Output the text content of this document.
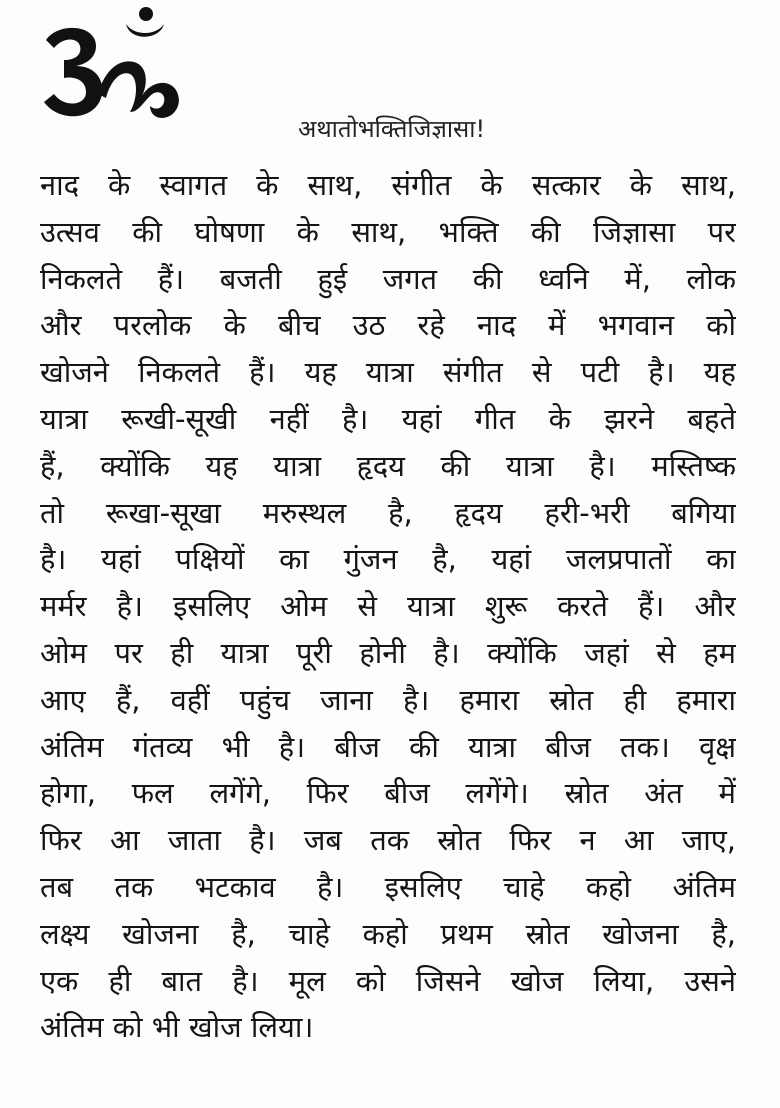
अथातोभक्तिजिज्ञासा!
नाद के स्वागत के साथ, संगीत के सत्कार के साथ,
उत्सव की घोषणा के साथ, भक्ति की जिज्ञासा पर
निकलते हैं। बजती हुई जगत की ध्वनि में, लोक
और परलोक के बीच उठ रहे नाद में भगवान को
खोजने निकलते हैं। यह यात्रा संगीत से पटी है। यह
यात्रा रूखी-सूखी नहीं है। यहां गीत के झरने बहते
हैं, क्योंकि यह यात्रा हृदय की यात्रा है। मस्तिष्क
तो रूखा-सूखा मरुस्थल है, हृदय हरी-भरी बगिया
है। यहां पक्षियों का गुंजन है, यहां जलप्रपातों का
मर्मर है। इसलिए ओम से यात्रा शुरू करते हैं। और
ओम पर ही यात्रा पूरी होनी है। क्योंकि जहां से हम
आए हैं, वहीं पहुंच जाना है। हमारा स्रोत ही हमारा
अंतिम गंतव्य भी है। बीज की यात्रा बीज तक। वृक्ष
होगा, फल लगेंगे, फिर बीज लगेंगे। स्रोत अंत में
फिर आ जाता है। जब तक स्रोत फिर न आ जाए,
तब तक भटकाव है। इसलिए चाहे कहो अंतिम
लक्ष्य खोजना है, चाहे कहो प्रथम स्रोत खोजना है,
एक ही बात है। मूल को जिसने खोज लिया, उसने
अंतिम को भी खोज लिया।
